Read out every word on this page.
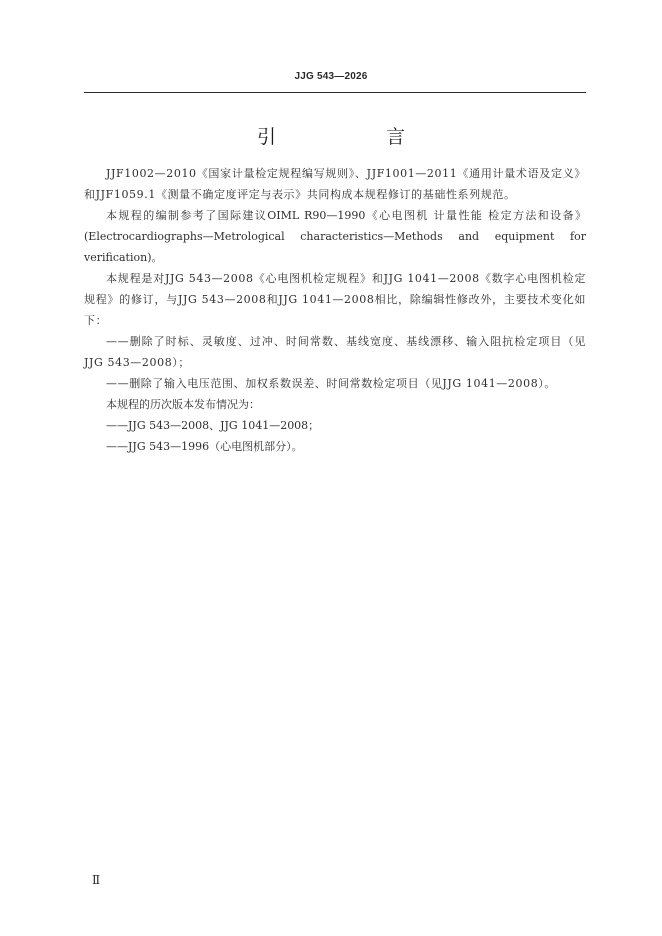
JJG 543—2026
引 言

JJF1002—2010《国家计量检定规程编写规则》、JJF1001—2011《通用计量术语及定义》和JJF1059.1《测量不确定度评定与表示》共同构成本规程修订的基础性系列规范。

本规程的编制参考了国际建议OIML R90—1990《心电图机 计量性能 检定方法和设备》(Electrocardiographs—Metrological characteristics—Methods and equipment for verification)。

本规程是对JJG 543—2008《心电图机检定规程》和JJG 1041—2008《数字心电图机检定规程》的修订，与JJG 543—2008和JJG 1041—2008相比，除编辑性修改外，主要技术变化如下：

——删除了时标、灵敏度、过冲、时间常数、基线宽度、基线漂移、输入阻抗检定项目（见JJG 543—2008）；

——删除了输入电压范围、加权系数误差、时间常数检定项目（见JJG 1041—2008）。

本规程的历次版本发布情况为：

——JJG 543—2008、JJG 1041—2008；

——JJG 543—1996（心电图机部分）。

Ⅱ
